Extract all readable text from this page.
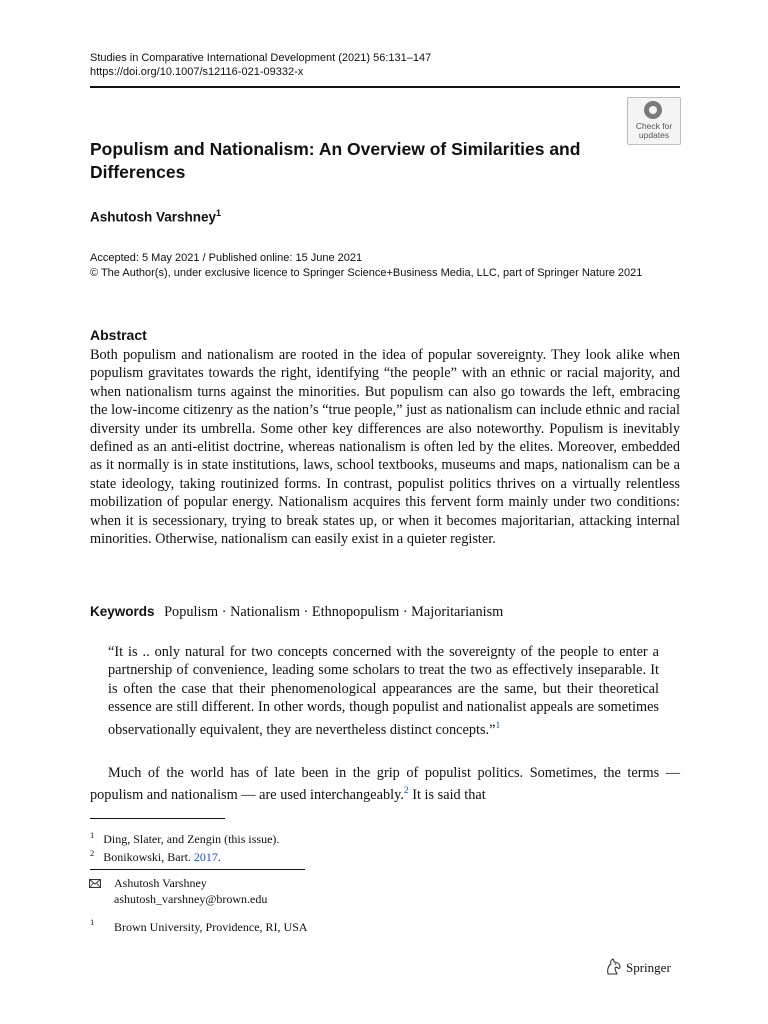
Studies in Comparative International Development (2021) 56:131–147
https://doi.org/10.1007/s12116-021-09332-x
Check for
updates
Populism and Nationalism: An Overview of Similarities and Differences
Ashutosh Varshney$^1$
Accepted: 5 May 2021 / Published online: 15 June 2021
© The Author(s), under exclusive licence to Springer Science+Business Media, LLC, part of Springer Nature 2021
Abstract

Both populism and nationalism are rooted in the idea of popular sovereignty. They look alike when populism gravitates towards the right, identifying “the people” with an ethnic or racial majority, and when nationalism turns against the minorities. But populism can also go towards the left, embracing the low-income citizenry as the nation’s “true people,” just as nationalism can include ethnic and racial diversity under its umbrella. Some other key differences are also noteworthy. Populism is inevitably defined as an anti-elitist doctrine, whereas nationalism is often led by the elites. Moreover, embedded as it normally is in state institutions, laws, school textbooks, museums and maps, nationalism can be a state ideology, taking routinized forms. In contrast, populist politics thrives on a virtually relentless mobilization of popular energy. Nationalism acquires this fervent form mainly under two conditions: when it is secessionary, trying to break states up, or when it becomes majoritarian, attacking internal minorities. Otherwise, nationalism can easily exist in a quieter register.

Keywords Populism · Nationalism · Ethnopopulism · Majoritarianism

“It is .. only natural for two concepts concerned with the sovereignty of the people to enter a partnership of convenience, leading some scholars to treat the two as effectively inseparable. It is often the case that their phenomenological appearances are the same, but their theoretical essence are still different. In other words, though populist and nationalist appeals are sometimes observationally equivalent, they are nevertheless distinct concepts.”$^1$

Much of the world has of late been in the grip of populist politics. Sometimes, the terms — populism and nationalism — are used interchangeably.$^2$ It is said that

$^1$ Ding, Slater, and Zengin (this issue).
$^2$ Bonikowski, Bart. 2017.
Ashutosh Varshney
ashutosh_varshney@brown.edu
1 Brown University, Providence, RI, USA
Springer
